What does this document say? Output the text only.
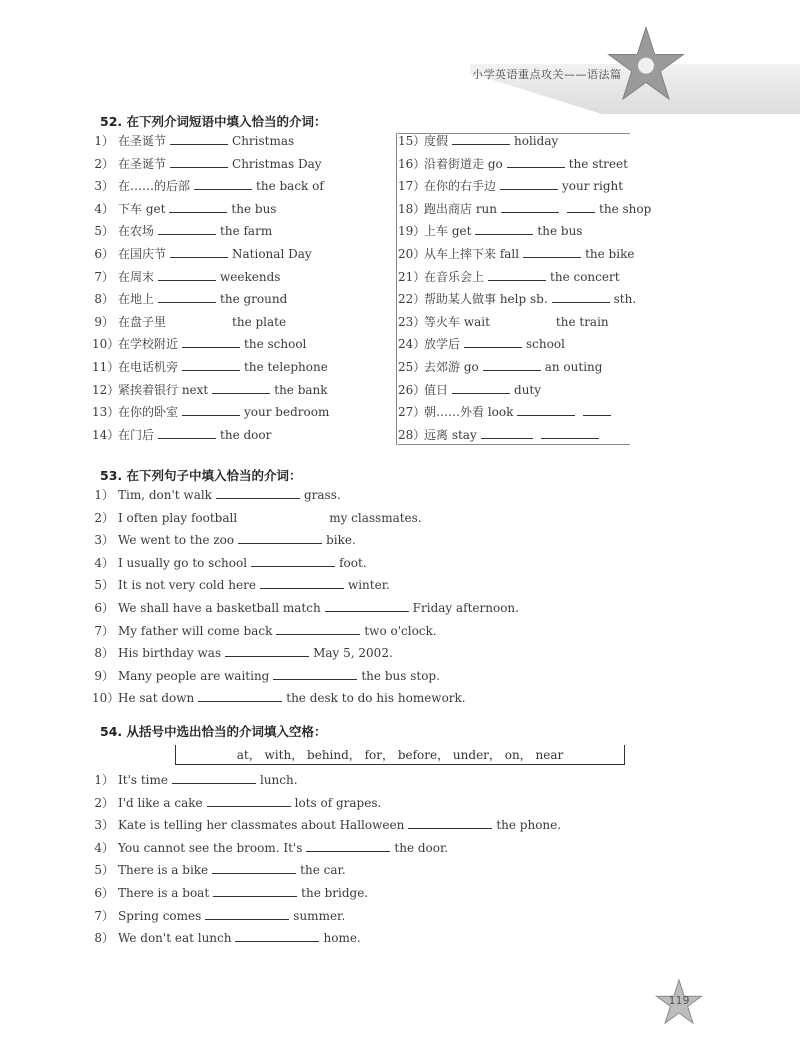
小学英语重点攻关——语法篇
52. 在下列介词短语中填入恰当的介词：
1） 在圣诞节	Christmas
2） 在圣诞节	Christmas Day
3） 在……的后部	the back of
4） 下车 get	the bus
5） 在农场	the farm
6） 在国庆节	National Day
7） 在周末	weekends
8） 在地上	the ground
9） 在盘子里	the plate
10）在学校附近	the school
11）在电话机旁	the telephone
12）紧挨着银行 next	the bank
13）在你的卧室	your bedroom
14）在门后	the door
15）度假	holiday
16）沿着街道走 go	the street
17）在你的右手边	your right
18）跑出商店 run	the shop
19）上车 get	the bus
20）从车上摔下来 fall	the bike
21）在音乐会上	the concert
22）帮助某人做事 help sb.	sth.
23）等火车 wait	the train
24）放学后	school
25）去郊游 go	an outing
26）值日	duty
27）朝……外看 look
28）远离 stay
53. 在下列句子中填入恰当的介词：
1） Tim, don't walk	grass.
2） I often play football	my classmates.
3） We went to the zoo	bike.
4） I usually go to school	foot.
5） It is not very cold here	winter.
6） We shall have a basketball match	Friday afternoon.
7） My father will come back	two o'clock.
8） His birthday was	May 5, 2002.
9） Many people are waiting	the bus stop.
10）He sat down	the desk to do his homework.
54. 从括号中选出恰当的介词填入空格：
at， with， behind， for， before， under， on， near
1） It's time	lunch.
2） I'd like a cake	lots of grapes.
3） Kate is telling her classmates about Halloween	the phone.
4） You cannot see the broom. It's	the door.
5） There is a bike	the car.
6） There is a boat	the bridge.
7） Spring comes	summer.
8） We don't eat lunch	home.
119
